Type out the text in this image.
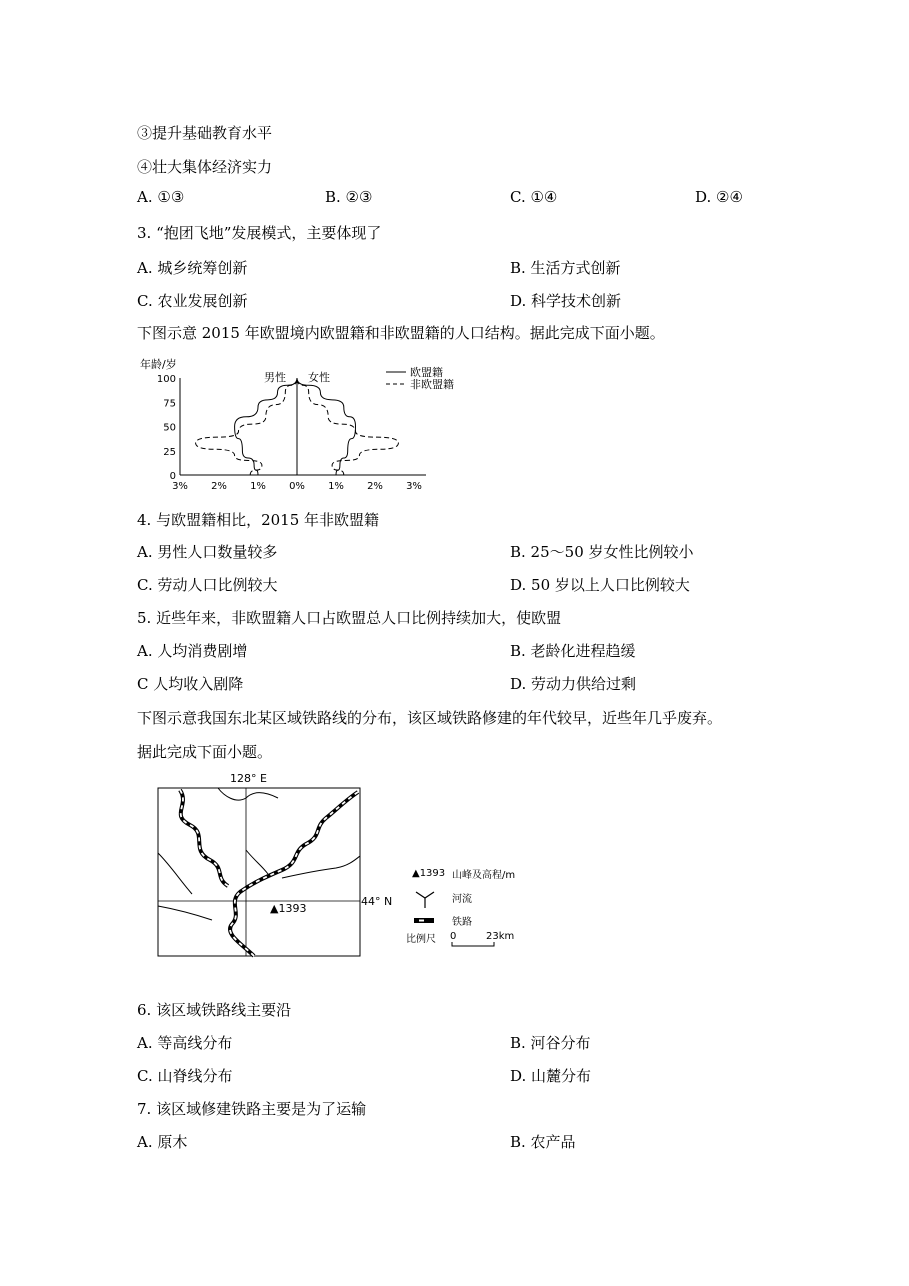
③提升基础教育水平
④壮大集体经济实力
A. ①③	B. ②③	C. ①④	D. ②④
3. “抱团飞地”发展模式，主要体现了
A. 城乡统筹创新	B. 生活方式创新
C. 农业发展创新	D. 科学技术创新
下图示意 2015 年欧盟境内欧盟籍和非欧盟籍的人口结构。据此完成下面小题。
年龄/岁
100
75
50
25
0
3% 2% 1% 0% 1% 2% 3%
男性 女性	欧盟籍
非欧盟籍
4. 与欧盟籍相比，2015 年非欧盟籍
A. 男性人口数量较多	B. 25～50 岁女性比例较小
C. 劳动人口比例较大	D. 50 岁以上人口比例较大
5. 近些年来，非欧盟籍人口占欧盟总人口比例持续加大，使欧盟
A. 人均消费剧增	B. 老龄化进程趋缓
C 人均收入剧降	D. 劳动力供给过剩
下图示意我国东北某区域铁路线的分布，该区域铁路修建的年代较早，近些年几乎废弃。
据此完成下面小题。
128° E
44° N
▲1393
▲1393 山峰及高程/m
河流
铁路
比例尺 0	23km
6. 该区域铁路线主要沿
A. 等高线分布	B. 河谷分布
C. 山脊线分布	D. 山麓分布
7. 该区域修建铁路主要是为了运输
A. 原木	B. 农产品
